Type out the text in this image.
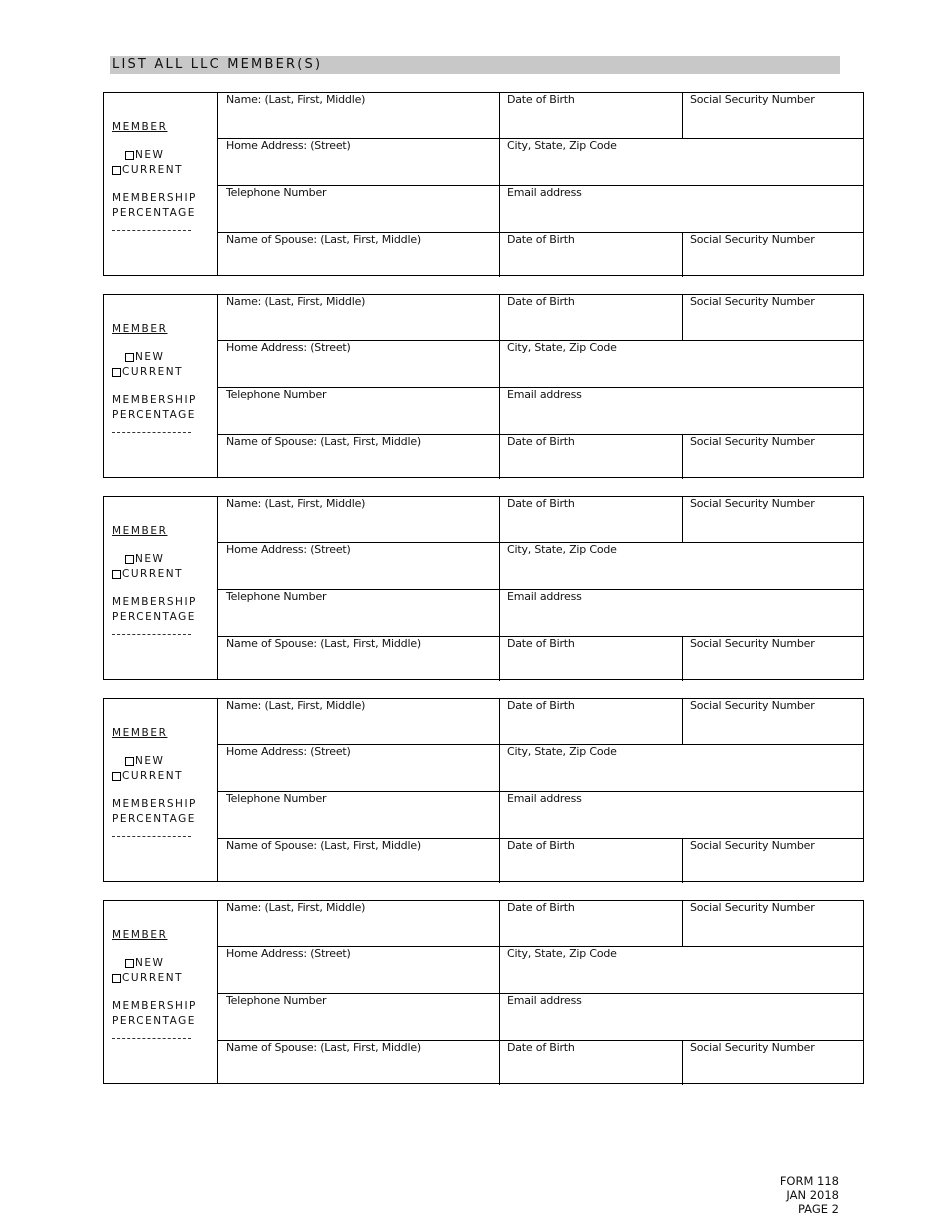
LIST ALL LLC MEMBER(S)
MEMBER
NEW
CURRENT
MEMBERSHIP
PERCENTAGE
Name: (Last, First, Middle)	Date of Birth	Social Security Number
Home Address: (Street)	City, State, Zip Code
Telephone Number	Email address
Name of Spouse: (Last, First, Middle)	Date of Birth	Social Security Number
MEMBER
NEW
CURRENT
MEMBERSHIP
PERCENTAGE
Name: (Last, First, Middle)	Date of Birth	Social Security Number
Home Address: (Street)	City, State, Zip Code
Telephone Number	Email address
Name of Spouse: (Last, First, Middle)	Date of Birth	Social Security Number
MEMBER
NEW
CURRENT
MEMBERSHIP
PERCENTAGE
Name: (Last, First, Middle)	Date of Birth	Social Security Number
Home Address: (Street)	City, State, Zip Code
Telephone Number	Email address
Name of Spouse: (Last, First, Middle)	Date of Birth	Social Security Number
MEMBER
NEW
CURRENT
MEMBERSHIP
PERCENTAGE
Name: (Last, First, Middle)	Date of Birth	Social Security Number
Home Address: (Street)	City, State, Zip Code
Telephone Number	Email address
Name of Spouse: (Last, First, Middle)	Date of Birth	Social Security Number
MEMBER
NEW
CURRENT
MEMBERSHIP
PERCENTAGE
Name: (Last, First, Middle)	Date of Birth	Social Security Number
Home Address: (Street)	City, State, Zip Code
Telephone Number	Email address
Name of Spouse: (Last, First, Middle)	Date of Birth	Social Security Number
FORM 118
JAN 2018
PAGE 2
